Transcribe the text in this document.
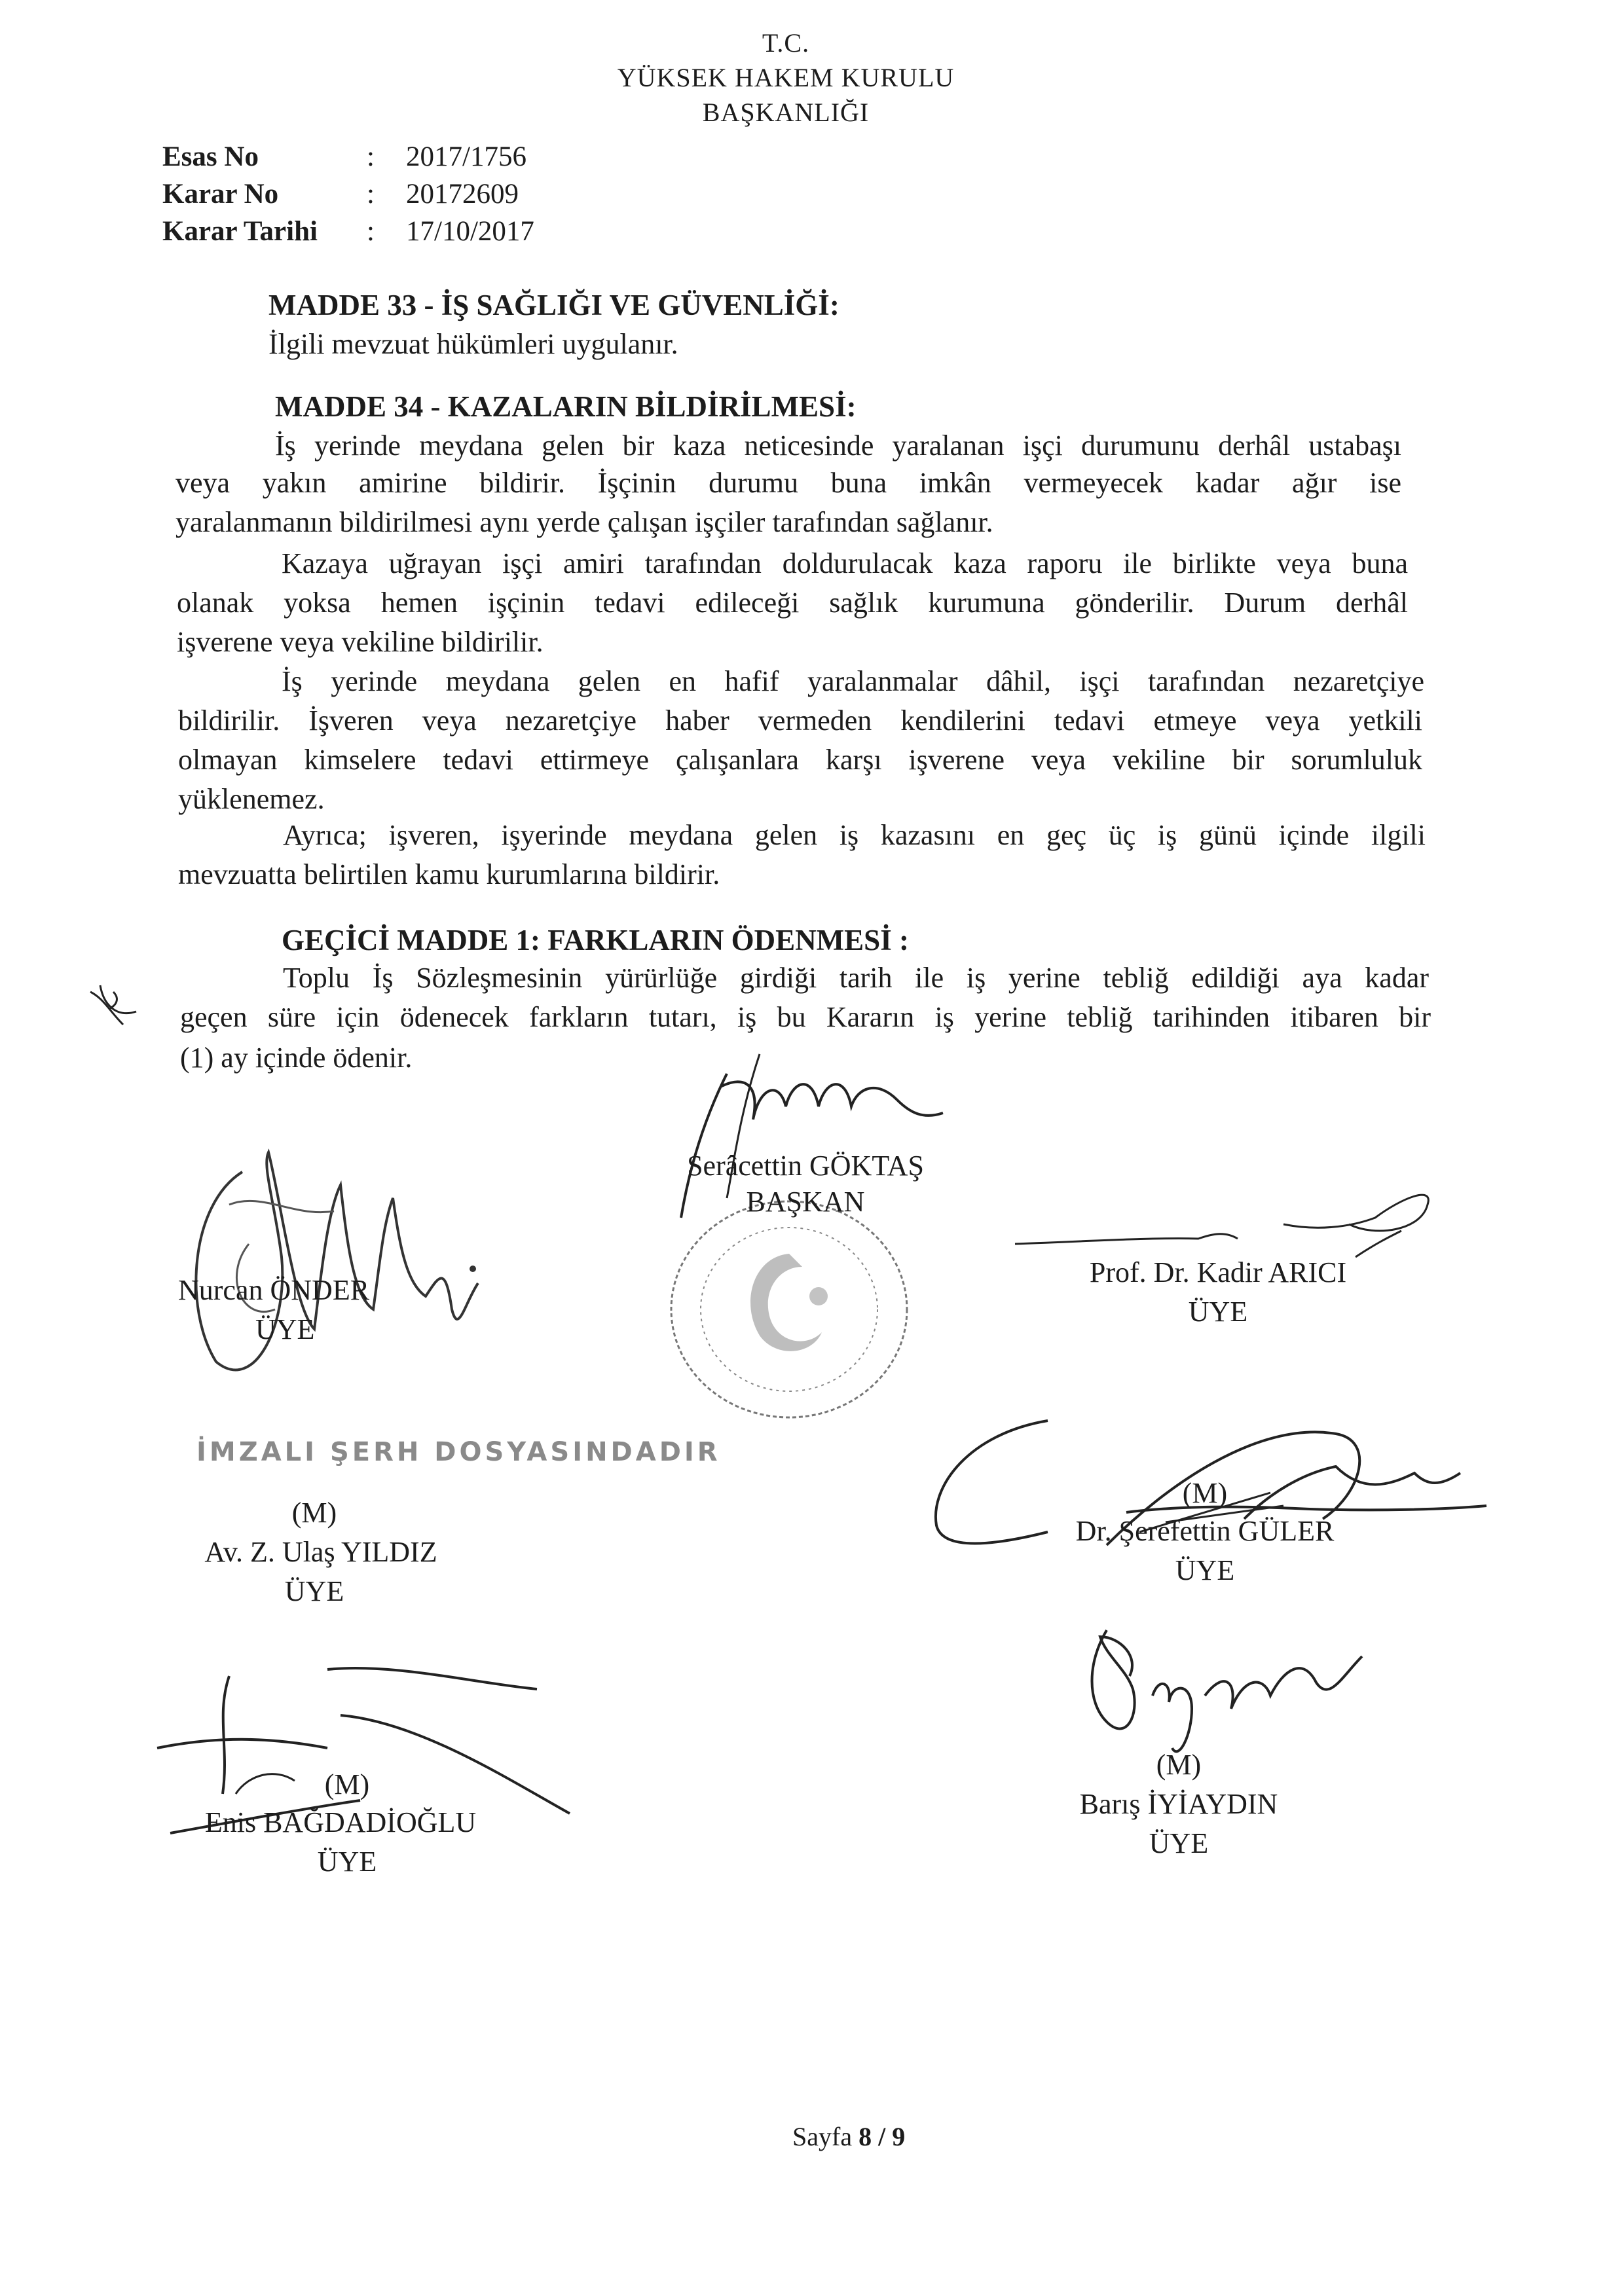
T.C.
YÜKSEK HAKEM KURULU
BAŞKANLIĞI
Esas No	: 2017/1756
Karar No	: 20172609
Karar Tarihi : 17/10/2017
MADDE 33 - İŞ SAĞLIĞI VE GÜVENLİĞİ:
İlgili mevzuat hükümleri uygulanır.
MADDE 34 - KAZALARIN BİLDİRİLMESİ:
İş yerinde meydana gelen bir kaza neticesinde yaralanan işçi durumunu derhâl ustabaşı
veya yakın amirine bildirir. İşçinin durumu buna imkân vermeyecek kadar ağır ise
yaralanmanın bildirilmesi aynı yerde çalışan işçiler tarafından sağlanır.
Kazaya uğrayan işçi amiri tarafından doldurulacak kaza raporu ile birlikte veya buna
olanak yoksa hemen işçinin tedavi edileceği sağlık kurumuna gönderilir. Durum derhâl
işverene veya vekiline bildirilir.
İş yerinde meydana gelen en hafif yaralanmalar dâhil, işçi tarafından nezaretçiye
bildirilir. İşveren veya nezaretçiye haber vermeden kendilerini tedavi etmeye veya yetkili
olmayan kimselere tedavi ettirmeye çalışanlara karşı işverene veya vekiline bir sorumluluk
yüklenemez.
Ayrıca; işveren, işyerinde meydana gelen iş kazasını en geç üç iş günü içinde ilgili
mevzuatta belirtilen kamu kurumlarına bildirir.
GEÇİCİ MADDE 1: FARKLARIN ÖDENMESİ :
Toplu İş Sözleşmesinin yürürlüğe girdiği tarih ile iş yerine tebliğ edildiği aya kadar
geçen süre için ödenecek farkların tutarı, iş bu Kararın iş yerine tebliğ tarihinden itibaren bir
(1) ay içinde ödenir.
Nurcan ÖNDER
ÜYE
Serâcettin GÖKTAŞ
BAŞKAN
Prof. Dr. Kadir ARICI
ÜYE
İMZALI ŞERH DOSYASINDADIR
(M)
Av. Z. Ulaş YILDIZ
ÜYE
(M)
Dr. Şerefettin GÜLER
ÜYE
(M)
Enis BAĞDADİOĞLU
ÜYE
(M)
Barış İYİAYDIN
ÜYE
Sayfa 8 / 9
